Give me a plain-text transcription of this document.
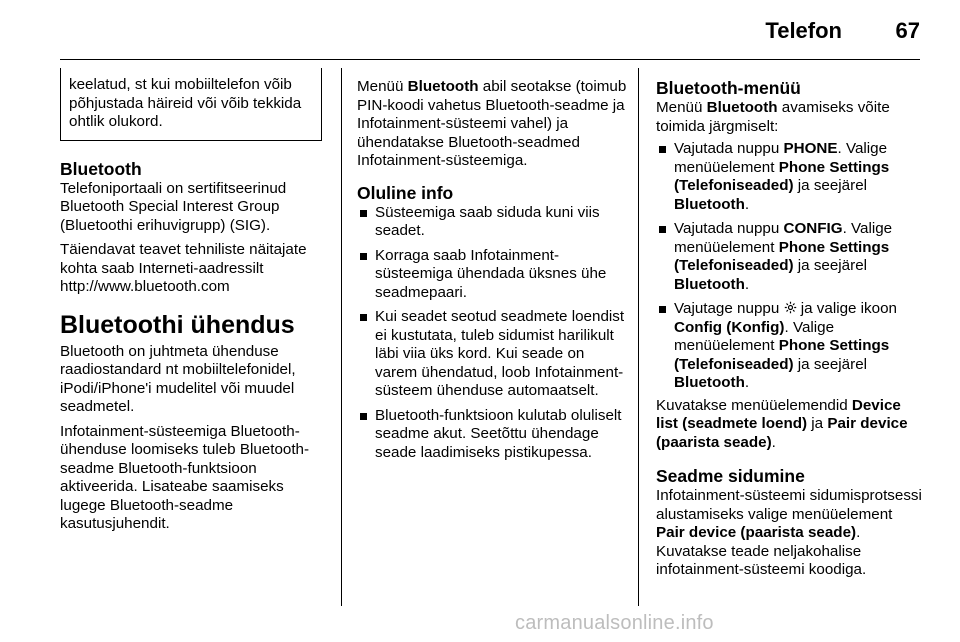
Telefon 67

keelatud, st kui mobiiltelefon võib põhjustada häireid või võib tekkida ohtlik olukord.

Bluetooth

Telefoniportaali on sertifitseerinud Bluetooth Special Interest Group (Bluetoothi erihuvigrupp) (SIG).

Täiendavat teavet tehniliste näitajate kohta saab Interneti-aadressilt http://www.bluetooth.com

Bluetoothi ühendus

Bluetooth on juhtmeta ühenduse raadiostandard nt mobiiltelefonidel, iPodi/iPhone'i mudelitel või muudel seadmetel.

Infotainment-süsteemiga Bluetooth-ühenduse loomiseks tuleb Bluetooth-seadme Bluetooth-funktsioon aktiveerida. Lisateabe saamiseks lugege Bluetooth-seadme kasutusjuhendit.

Menüü Bluetooth abil seotakse (toimub PIN-koodi vahetus Bluetooth-seadme ja Infotainment-süsteemi vahel) ja ühendatakse Bluetooth-seadmed Infotainment-süsteemiga.

Oluline info
Süsteemiga saab siduda kuni viis seadet.
Korraga saab Infotainment-süsteemiga ühendada üksnes ühe seadmepaari.
Kui seadet seotud seadmete loendist ei kustutata, tuleb sidumist harilikult läbi viia üks kord. Kui seade on varem ühendatud, loob Infotainment-süsteem ühenduse automaatselt.
Bluetooth-funktsioon kulutab oluliselt seadme akut. Seetõttu ühendage seade laadimiseks pistikupessa.
Bluetooth-menüü

Menüü Bluetooth avamiseks võite toimida järgmiselt:

Vajutada nuppu PHONE. Valige menüüelement Phone Settings (Telefoniseaded) ja seejärel Bluetooth.
Vajutada nuppu CONFIG. Valige menüüelement Phone Settings (Telefoniseaded) ja seejärel Bluetooth.
Vajutage nuppu  ja valige ikoon Config (Konfig). Valige menüüelement Phone Settings (Telefoniseaded) ja seejärel Bluetooth.

Kuvatakse menüüelemendid Device list (seadmete loend) ja Pair device (paarista seade).

Seadme sidumine

Infotainment-süsteemi sidumisprotsessi alustamiseks valige menüüelement Pair device (paarista seade). Kuvatakse teade neljakohalise infotainment-süsteemi koodiga.

carmanualsonline.info
